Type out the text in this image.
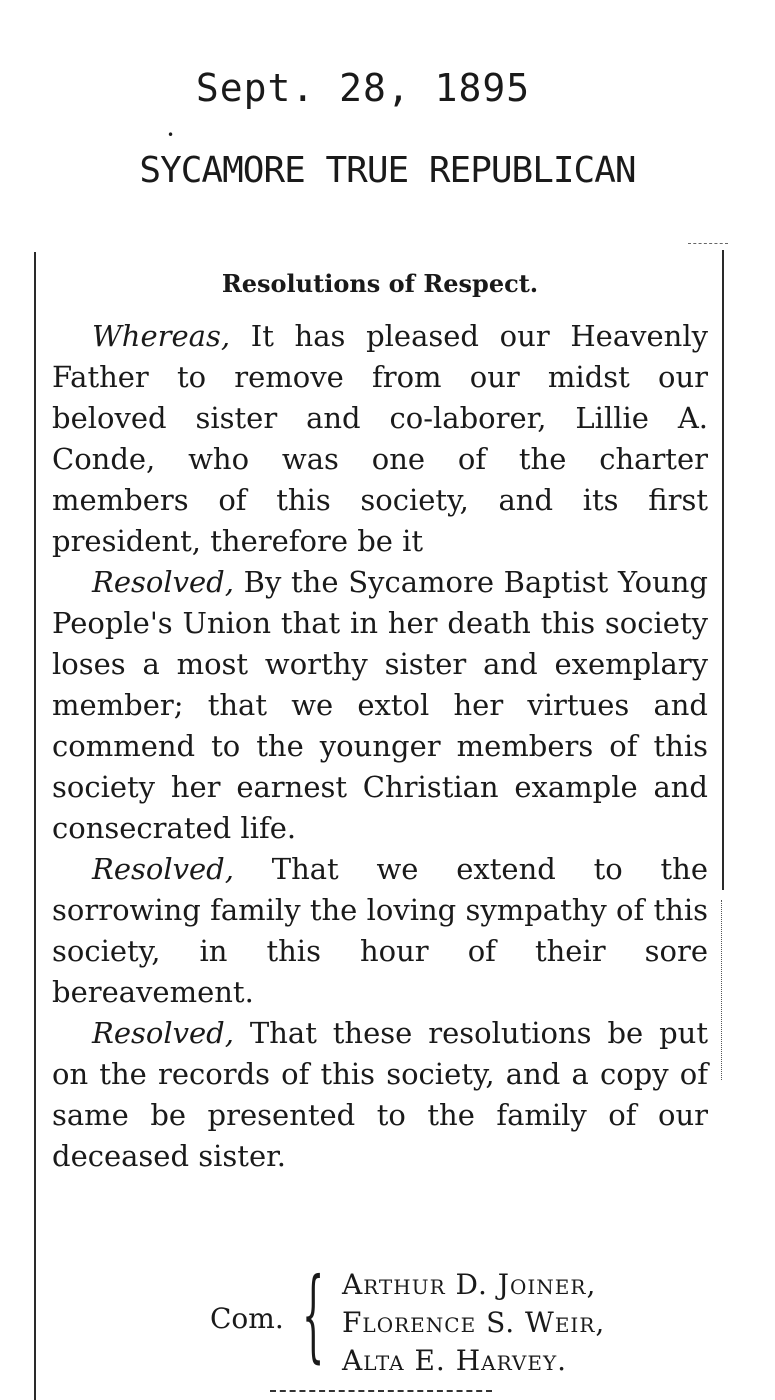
Sept. 28, 1895
•
SYCAMORE TRUE REPUBLICAN
Resolutions of Respect.

Whereas, It has pleased our Heavenly Father to remove from our midst our beloved sister and co-laborer, Lillie A. Conde, who was one of the charter members of this society, and its first president, therefore be it

Resolved, By the Sycamore Baptist Young People's Union that in her death this society loses a most worthy sister and exemplary member; that we extol her virtues and commend to the younger members of this society her earnest Christian example and consecrated life.

Resolved, That we extend to the sorrowing family the loving sympathy of this society, in this hour of their sore bereavement.

Resolved, That these resolutions be put on the records of this society, and a copy of same be presented to the family of our deceased sister.

Com. { Arthur D. Joiner,
Florence S. Weir,
Alta E. Harvey.
